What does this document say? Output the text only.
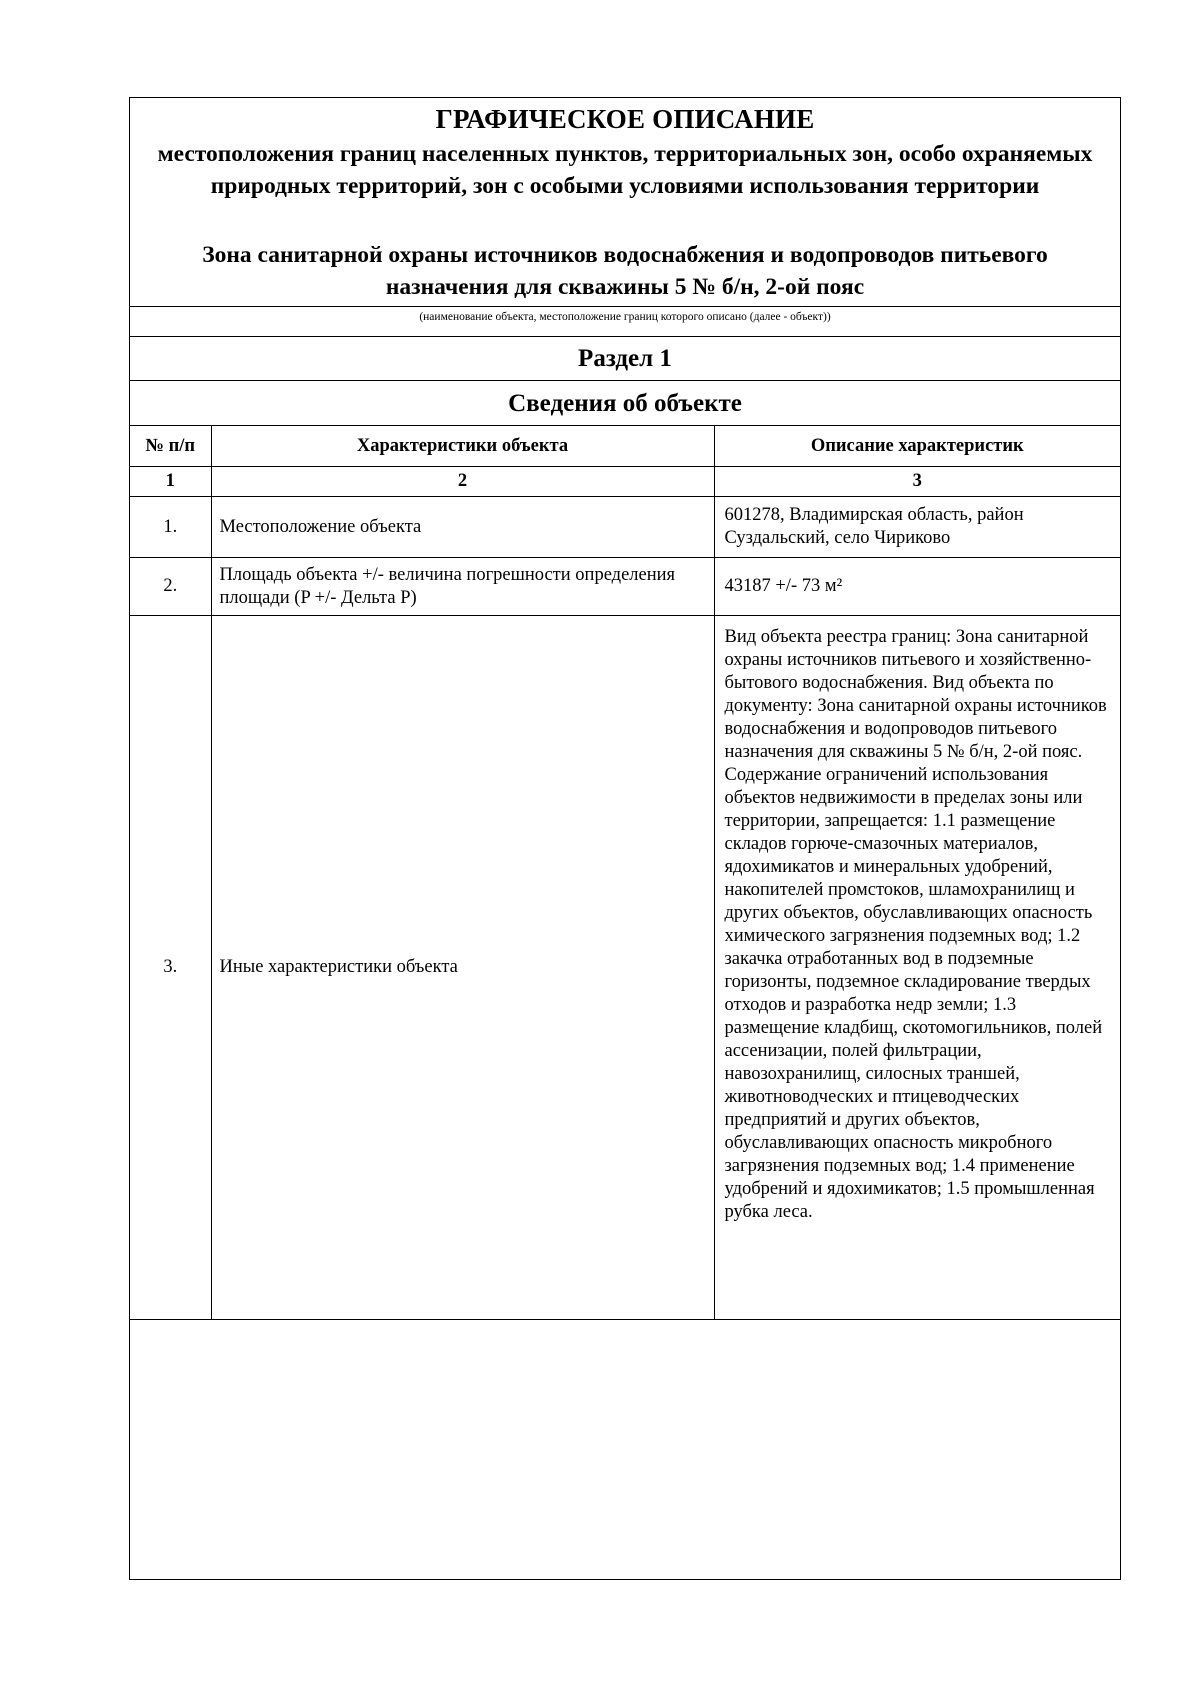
ГРАФИЧЕСКОЕ ОПИСАНИЕ
местоположения границ населенных пунктов, территориальных зон, особо охраняемых природных территорий, зон с особыми условиями использования территории
Зона санитарной охраны источников водоснабжения и водопроводов питьевого назначения для скважины 5 № б/н, 2-ой пояс
(наименование объекта, местоположение границ которого описано (далее - объект))
Раздел 1
Сведения об объекте
№ п/п	Характеристики объекта	Описание характеристик
1	2	3
1.	Местоположение объекта	601278, Владимирская область, район Суздальский, село Чириково
2.	Площадь объекта +/- величина погрешности определения площади (P +/- Дельта P)	43187 +/- 73 м²
3.	Иные характеристики объекта	Вид объекта реестра границ: Зона санитарной охраны источников питьевого и хозяйственно-бытового водоснабжения. Вид объекта по документу: Зона санитарной охраны источников водоснабжения и водопроводов питьевого назначения для скважины 5 № б/н, 2-ой пояс. Содержание ограничений использования объектов недвижимости в пределах зоны или территории, запрещается: 1.1 размещение складов горюче-смазочных материалов, ядохимикатов и минеральных удобрений, накопителей промстоков, шламохранилищ и других объектов, обуславливающих опасность химического загрязнения подземных вод; 1.2 закачка отработанных вод в подземные горизонты, подземное складирование твердых отходов и разработка недр земли; 1.3 размещение кладбищ, скотомогильников, полей ассенизации, полей фильтрации, навозохранилищ, силосных траншей, животноводческих и птицеводческих предприятий и других объектов, обуславливающих опасность микробного загрязнения подземных вод; 1.4 применение удобрений и ядохимикатов; 1.5 промышленная рубка леса.
